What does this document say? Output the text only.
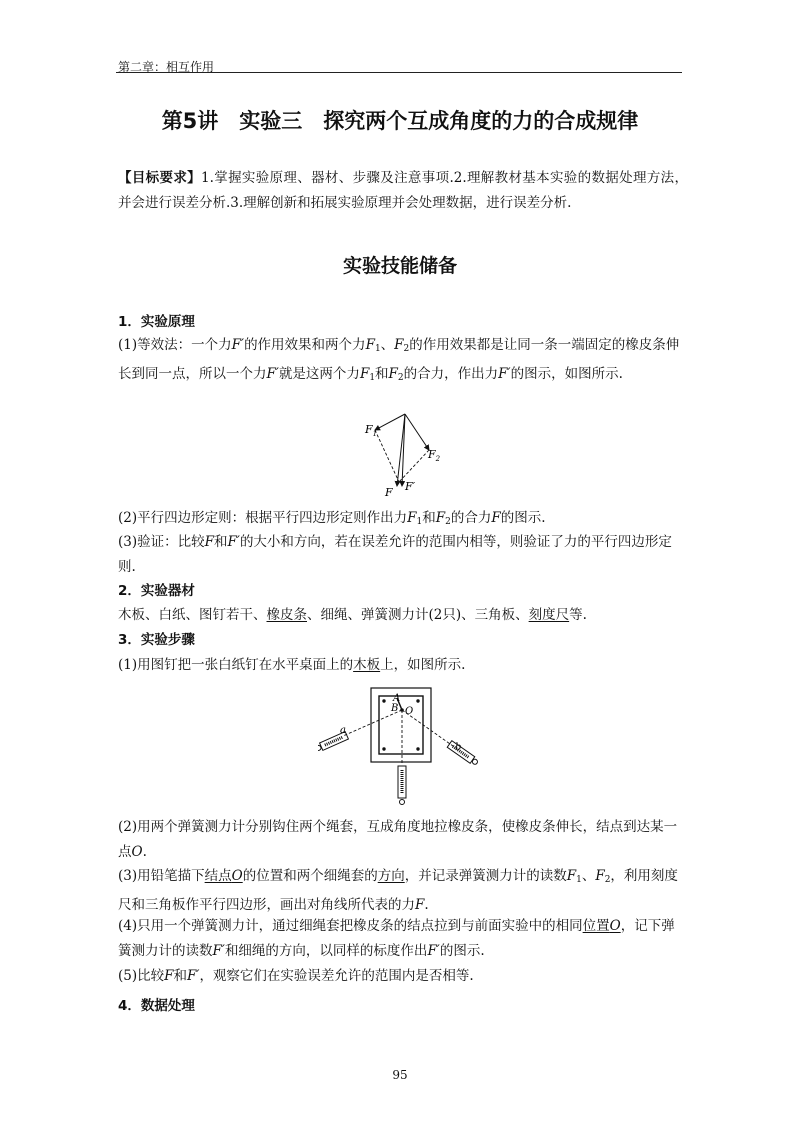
第二章：相互作用
第5讲　实验三　探究两个互成角度的力的合成规律
【目标要求】1.掌握实验原理、器材、步骤及注意事项.2.理解教材基本实验的数据处理方法，并会进行误差分析.3.理解创新和拓展实验原理并会处理数据，进行误差分析.
实验技能储备
1．实验原理
(1)等效法：一个力F′的作用效果和两个力$F_1$、$F_2$的作用效果都是让同一条一端固定的橡皮条伸长到同一点，所以一个力F′就是这两个力$F_1$和$F_2$的合力，作出力F′的图示，如图所示.
$F_1$
$F_2$
F F′
(2)平行四边形定则：根据平行四边形定则作出力$F_1$和$F_2$的合力F的图示.
(3)验证：比较F和F′的大小和方向，若在误差允许的范围内相等，则验证了力的平行四边形定则.
2．实验器材
木板、白纸、图钉若干、橡皮条、细绳、弹簧测力计(2只)、三角板、刻度尺等.
3．实验步骤
(1)用图钉把一张白纸钉在水平桌面上的木板上，如图所示.
A
B O
a
b
(2)用两个弹簧测力计分别钩住两个绳套，互成角度地拉橡皮条，使橡皮条伸长，结点到达某一点O.
(3)用铅笔描下结点O的位置和两个细绳套的方向，并记录弹簧测力计的读数$F_1$、$F_2$，利用刻度尺和三角板作平行四边形，画出对角线所代表的力F.
(4)只用一个弹簧测力计，通过细绳套把橡皮条的结点拉到与前面实验中的相同位置O，记下弹簧测力计的读数F′和细绳的方向，以同样的标度作出F′的图示.
(5)比较F和F′，观察它们在实验误差允许的范围内是否相等.
4．数据处理
95
